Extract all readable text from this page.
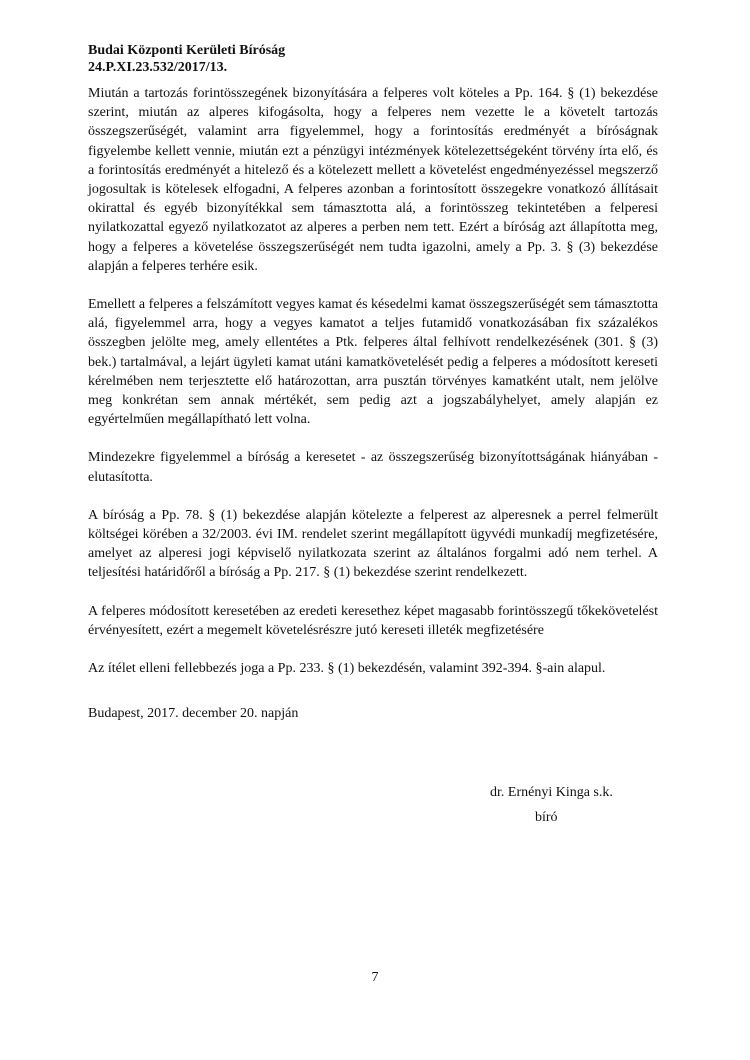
Budai Központi Kerületi Bíróság
24.P.XI.23.532/2017/13.

Miután a tartozás forintösszegének bizonyítására a felperes volt köteles a Pp. 164. § (1) bekezdése szerint, miután az alperes kifogásolta, hogy a felperes nem vezette le a követelt tartozás összegszerűségét, valamint arra figyelemmel, hogy a forintosítás eredményét a bíróságnak figyelembe kellett vennie, miután ezt a pénzügyi intézmények kötelezettségeként törvény írta elő, és a forintosítás eredményét a hitelező és a kötelezett mellett a követelést engedményezéssel megszerző jogosultak is kötelesek elfogadni, A felperes azonban a forintosított összegekre vonatkozó állításait okirattal és egyéb bizonyítékkal sem támasztotta alá, a forintösszeg tekintetében a felperesi nyilatkozattal egyező nyilatkozatot az alperes a perben nem tett. Ezért a bíróság azt állapította meg, hogy a felperes a követelése összegszerűségét nem tudta igazolni, amely a Pp. 3. § (3) bekezdése alapján a felperes terhére esik.

Emellett a felperes a felszámított vegyes kamat és késedelmi kamat összegszerűségét sem támasztotta alá, figyelemmel arra, hogy a vegyes kamatot a teljes futamidő vonatkozásában fix százalékos összegben jelölte meg, amely ellentétes a Ptk. felperes által felhívott rendelkezésének (301. § (3) bek.) tartalmával, a lejárt ügyleti kamat utáni kamatkövetelését pedig a felperes a módosított kereseti kérelmében nem terjesztette elő határozottan, arra pusztán törvényes kamatként utalt, nem jelölve meg konkrétan sem annak mértékét, sem pedig azt a jogszabályhelyet, amely alapján ez egyértelműen megállapítható lett volna.

Mindezekre figyelemmel a bíróság a keresetet - az összegszerűség bizonyítottságának hiányában - elutasította.

A bíróság a Pp. 78. § (1) bekezdése alapján kötelezte a felperest az alperesnek a perrel felmerült költségei körében a 32/2003. évi IM. rendelet szerint megállapított ügyvédi munkadíj megfizetésére, amelyet az alperesi jogi képviselő nyilatkozata szerint az általános forgalmi adó nem terhel. A teljesítési határidőről a bíróság a Pp. 217. § (1) bekezdése szerint rendelkezett.

A felperes módosított keresetében az eredeti keresethez képet magasabb forintösszegű tőkekövetelést érvényesített, ezért a megemelt követelésrészre jutó kereseti illeték megfizetésére

Az ítélet elleni fellebbezés joga a Pp. 233. § (1) bekezdésén, valamint 392-394. §-ain alapul.

Budapest, 2017. december 20. napján
dr. Ernényi Kinga s.k.
bíró
7
